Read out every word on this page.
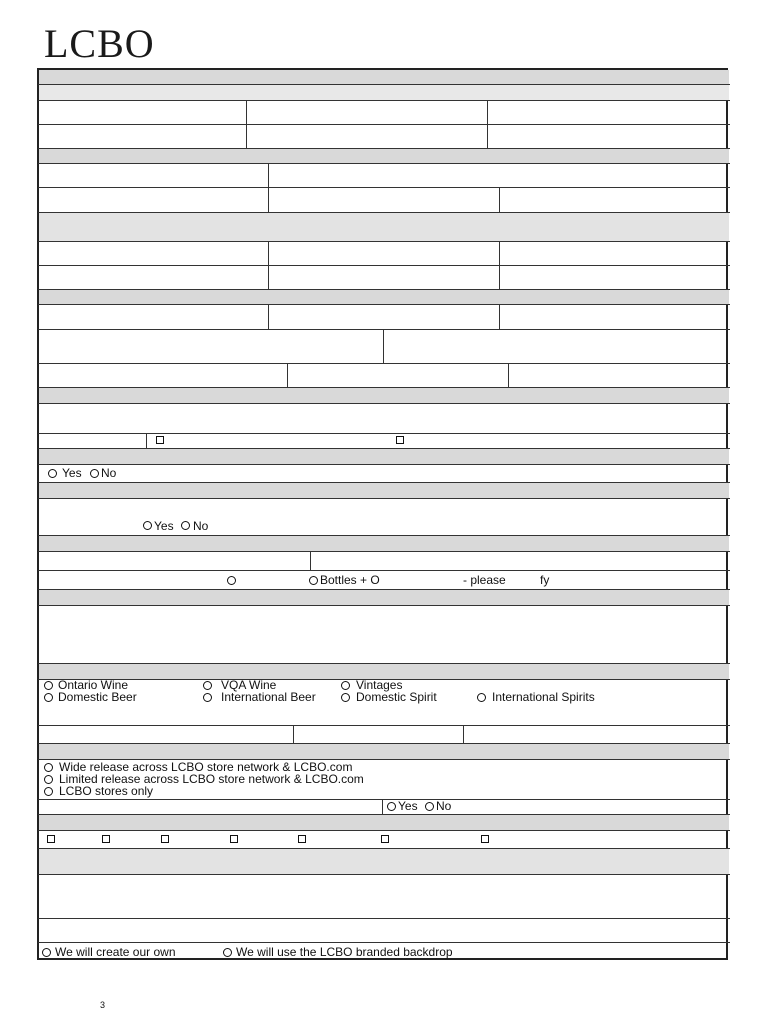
LCBO
Yes No
Yes No
Bottles + O	- please	fy
Ontario Wine	VQA Wine	Vintages
Domestic Beer	International Beer	Domestic Spirit	International Spirits
Wide release across LCBO store network & LCBO.com
Limited release across LCBO store network & LCBO.com
LCBO stores only
Yes No
We will create our own	We will use the LCBO branded backdrop
3
